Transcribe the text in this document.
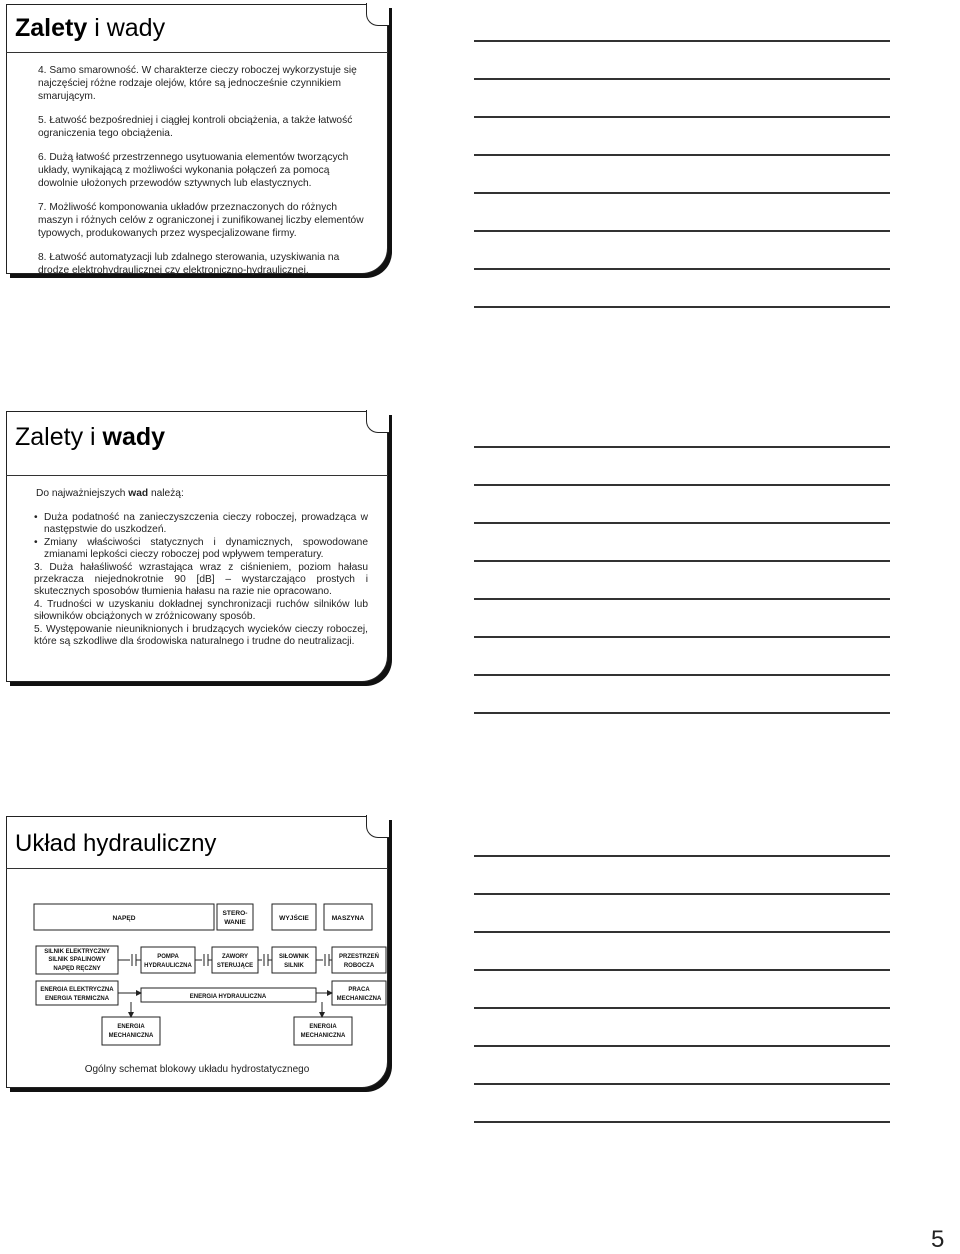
Zalety i wady

4. Samo smarowność. W charakterze cieczy roboczej wykorzystuje się najczęściej różne rodzaje olejów, które są jednocześnie czynnikiem smarującym.

5. Łatwość bezpośredniej i ciągłej kontroli obciążenia, a także łatwość ograniczenia tego obciążenia.

6. Dużą łatwość przestrzennego usytuowania elementów tworzących układy, wynikającą z możliwości wykonania połączeń za pomocą dowolnie ułożonych przewodów sztywnych lub elastycznych.

7. Możliwość komponowania układów przeznaczonych do różnych maszyn i różnych celów z ograniczonej i zunifikowanej liczby elementów typowych, produkowanych przez wyspecjalizowane firmy.

8. Łatwość automatyzacji lub zdalnego sterowania, uzyskiwania na drodze elektrohydraulicznej czy elektroniczno-hydraulicznej.

Zalety i wady
Do najważniejszych wad należą:
• Duża podatność na zanieczyszczenia cieczy roboczej, prowadząca w następstwie do uszkodzeń.
• Zmiany właściwości statycznych i dynamicznych, spowodowane zmianami lepkości cieczy roboczej pod wpływem temperatury.
3. Duża hałaśliwość wzrastająca wraz z ciśnieniem, poziom hałasu przekracza niejednokrotnie 90 [dB] – wystarczająco prostych i skutecznych sposobów tłumienia hałasu na razie nie opracowano.
4. Trudności w uzyskaniu dokładnej synchronizacji ruchów silników lub siłowników obciążonych w zróżnicowany sposób.
5. Występowanie nieuniknionych i brudzących wycieków cieczy roboczej, które są szkodliwe dla środowiska naturalnego i trudne do neutralizacji.
Układ hydrauliczny
NAPĘD
STERO-
WANIE
WYJŚCIE	MASZYNA
SILNIK ELEKTRYCZNY
SILNIK SPALINOWY
NAPĘD RĘCZNY
POMPA
HYDRAULICZNA
ZAWORY
STERUJĄCE
SIŁOWNIK
SILNIK
PRZESTRZEŃ
ROBOCZA
ENERGIA ELEKTRYCZNA
ENERGIA TERMICZNA	ENERGIA HYDRAULICZNA
PRACA
MECHANICZNA
ENERGIA
MECHANICZNA
ENERGIA
MECHANICZNA
Ogólny schemat blokowy układu hydrostatycznego
5
